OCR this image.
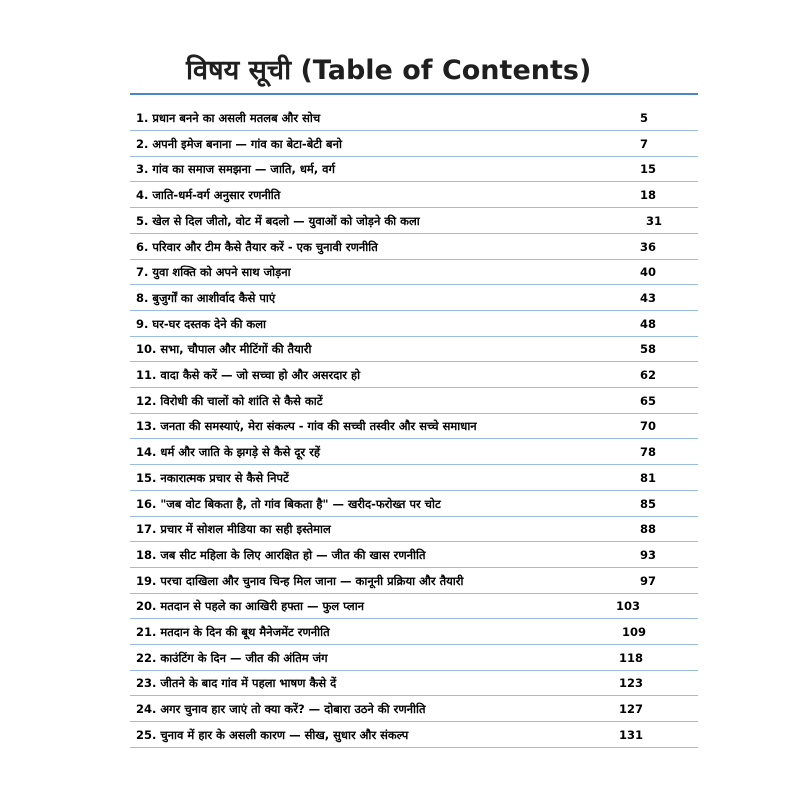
विषय सूची (Table of Contents)
1. प्रधान बनने का असली मतलब और सोच	5
2. अपनी इमेज बनाना — गांव का बेटा-बेटी बनो	7
3. गांव का समाज समझना — जाति, धर्म, वर्ग	15
4. जाति-धर्म-वर्ग अनुसार रणनीति	18
5. खेल से दिल जीतो, वोट में बदलो — युवाओं को जोड़ने की कला	31
6. परिवार और टीम कैसे तैयार करें - एक चुनावी रणनीति	36
7. युवा शक्ति को अपने साथ जोड़ना	40
8. बुजुर्गों का आशीर्वाद कैसे पाएं	43
9. घर-घर दस्तक देने की कला	48
10. सभा, चौपाल और मीटिंगों की तैयारी	58
11. वादा कैसे करें — जो सच्चा हो और असरदार हो	62
12. विरोधी की चालों को शांति से कैसे काटें	65
13. जनता की समस्याएं, मेरा संकल्प - गांव की सच्ची तस्वीर और सच्चे समाधान	70
14. धर्म और जाति के झगड़े से कैसे दूर रहें	78
15. नकारात्मक प्रचार से कैसे निपटें	81
16. "जब वोट बिकता है, तो गांव बिकता है" — खरीद-फरोख्त पर चोट	85
17. प्रचार में सोशल मीडिया का सही इस्तेमाल	88
18. जब सीट महिला के लिए आरक्षित हो — जीत की खास रणनीति	93
19. परचा दाखिला और चुनाव चिन्ह मिल जाना — कानूनी प्रक्रिया और तैयारी	97
20. मतदान से पहले का आखिरी हफ्ता — फुल प्लान	103
21. मतदान के दिन की बूथ मैनेजमेंट रणनीति	109
22. काउंटिंग के दिन — जीत की अंतिम जंग	118
23. जीतने के बाद गांव में पहला भाषण कैसे दें	123
24. अगर चुनाव हार जाएं तो क्या करें? — दोबारा उठने की रणनीति	127
25. चुनाव में हार के असली कारण — सीख, सुधार और संकल्प	131
